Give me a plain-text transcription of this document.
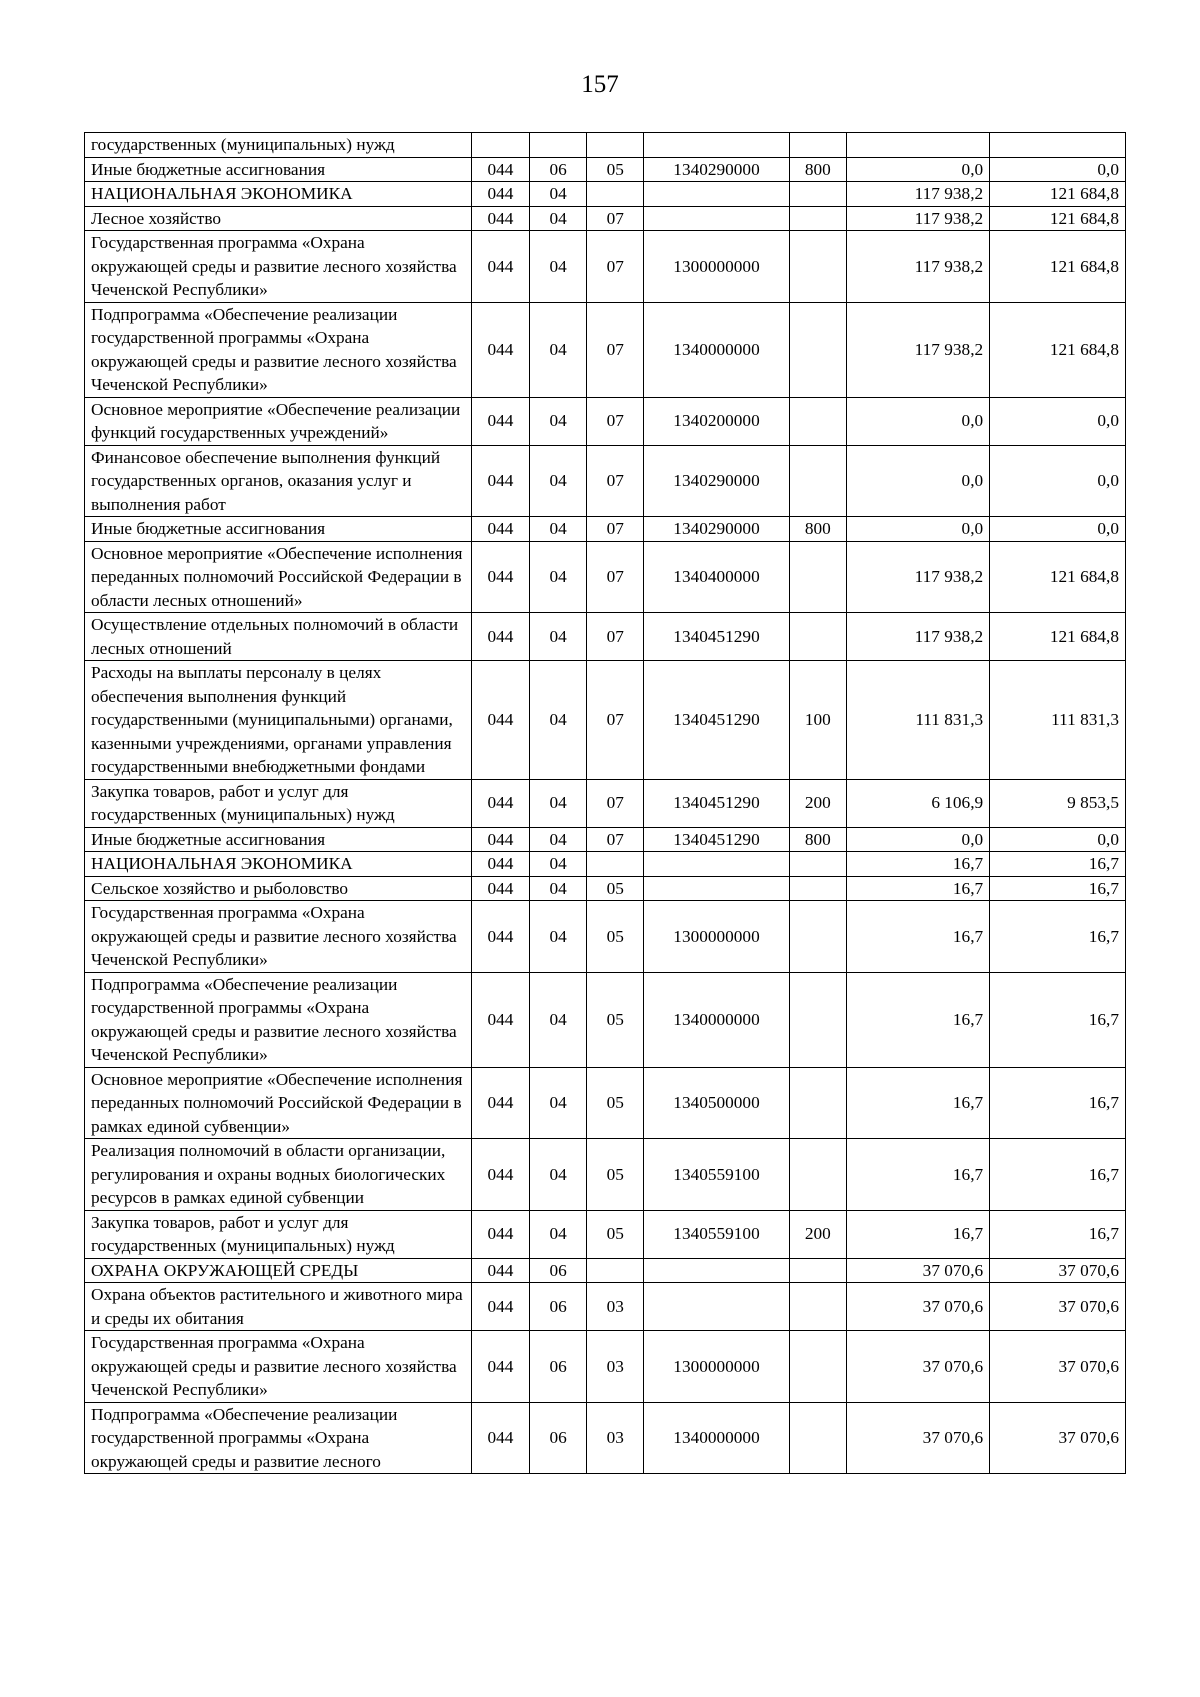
157
государственных (муниципальных) нужд							
Иные бюджетные ассигнования	044	06	05	1340290000	800	0,0	0,0
НАЦИОНАЛЬНАЯ ЭКОНОМИКА	044	04				117 938,2	121 684,8
Лесное хозяйство	044	04	07			117 938,2	121 684,8
Государственная программа «Охрана окружающей среды и развитие лесного хозяйства Чеченской Республики»	044	04	07	1300000000		117 938,2	121 684,8
Подпрограмма «Обеспечение реализации государственной программы «Охрана окружающей среды и развитие лесного хозяйства Чеченской Республики»	044	04	07	1340000000		117 938,2	121 684,8
Основное мероприятие «Обеспечение реализации функций государственных учреждений»	044	04	07	1340200000		0,0	0,0
Финансовое обеспечение выполнения функций государственных органов, оказания услуг и выполнения работ	044	04	07	1340290000		0,0	0,0
Иные бюджетные ассигнования	044	04	07	1340290000	800	0,0	0,0
Основное мероприятие «Обеспечение исполнения переданных полномочий Российской Федерации в области лесных отношений»	044	04	07	1340400000		117 938,2	121 684,8
Осуществление отдельных полномочий в области лесных отношений	044	04	07	1340451290		117 938,2	121 684,8
Расходы на выплаты персоналу в целях обеспечения выполнения функций государственными (муниципальными) органами, казенными учреждениями, органами управления государственными внебюджетными фондами	044	04	07	1340451290	100	111 831,3	111 831,3
Закупка товаров, работ и услуг для государственных (муниципальных) нужд	044	04	07	1340451290	200	6 106,9	9 853,5
Иные бюджетные ассигнования	044	04	07	1340451290	800	0,0	0,0
НАЦИОНАЛЬНАЯ ЭКОНОМИКА	044	04				16,7	16,7
Сельское хозяйство и рыболовство	044	04	05			16,7	16,7
Государственная программа «Охрана окружающей среды и развитие лесного хозяйства Чеченской Республики»	044	04	05	1300000000		16,7	16,7
Подпрограмма «Обеспечение реализации государственной программы «Охрана окружающей среды и развитие лесного хозяйства Чеченской Республики»	044	04	05	1340000000		16,7	16,7
Основное мероприятие «Обеспечение исполнения переданных полномочий Российской Федерации в рамках единой субвенции»	044	04	05	1340500000		16,7	16,7
Реализация полномочий в области организации, регулирования и охраны водных биологических ресурсов в рамках единой субвенции	044	04	05	1340559100		16,7	16,7
Закупка товаров, работ и услуг для государственных (муниципальных) нужд	044	04	05	1340559100	200	16,7	16,7
ОХРАНА ОКРУЖАЮЩЕЙ СРЕДЫ	044	06				37 070,6	37 070,6
Охрана объектов растительного и животного мира и среды их обитания	044	06	03			37 070,6	37 070,6
Государственная программа «Охрана окружающей среды и развитие лесного хозяйства Чеченской Республики»	044	06	03	1300000000		37 070,6	37 070,6
Подпрограмма «Обеспечение реализации государственной программы «Охрана окружающей среды и развитие лесного	044	06	03	1340000000		37 070,6	37 070,6
